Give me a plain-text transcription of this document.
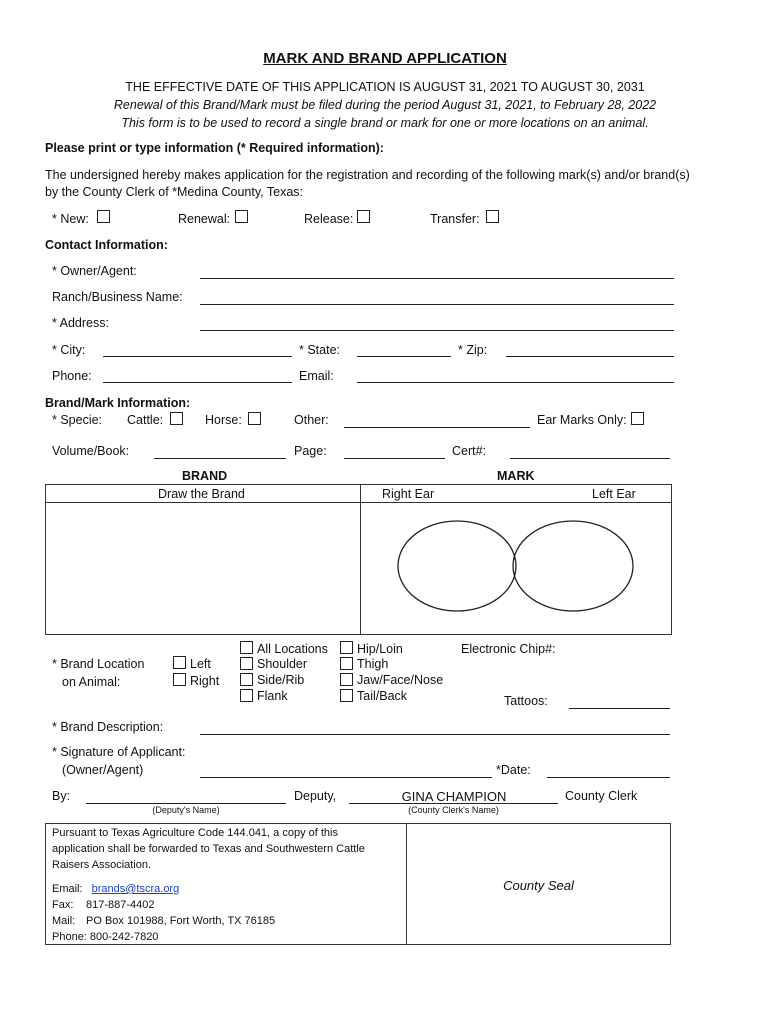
MARK AND BRAND APPLICATION
THE EFFECTIVE DATE OF THIS APPLICATION IS AUGUST 31, 2021 TO AUGUST 30, 2031
Renewal of this Brand/Mark must be filed during the period August 31, 2021, to February 28, 2022
This form is to be used to record a single brand or mark for one or more locations on an animal.
Please print or type information (* Required information):
The undersigned hereby makes application for the registration and recording of the following mark(s) and/or brand(s)
by the County Clerk of *Medina County, Texas:
* New:	Renewal:	Release:	Transfer:
Contact Information:
* Owner/Agent:
Ranch/Business Name:
* Address:
* City:	* State:	* Zip:
Phone:	Email:
Brand/Mark Information:
* Specie: Cattle:	Horse:	Other:	Ear Marks Only:
Volume/Book:	Page:	Cert#:
BRAND	MARK
Draw the Brand	Right Ear	Left Ear
* Brand Location
on Animal:
Left
Right
All Locations
Shoulder
Side/Rib
Flank
Hip/Loin
Thigh
Jaw/Face/Nose
Tail/Back
Electronic Chip#:
Tattoos:
* Brand Description:
* Signature of Applicant:
(Owner/Agent)	*Date:
By:	Deputy,	GINA CHAMPION	County Clerk
(Deputy's Name)	(County Clerk's Name)
Pursuant to Texas Agriculture Code 144.041, a copy of this
application shall be forwarded to Texas and Southwestern Cattle
Raisers Association.
Email: brands@tscra.org
Fax: 817-887-4402
Mail: PO Box 101988, Fort Worth, TX 76185
Phone: 800-242-7820
County Seal
